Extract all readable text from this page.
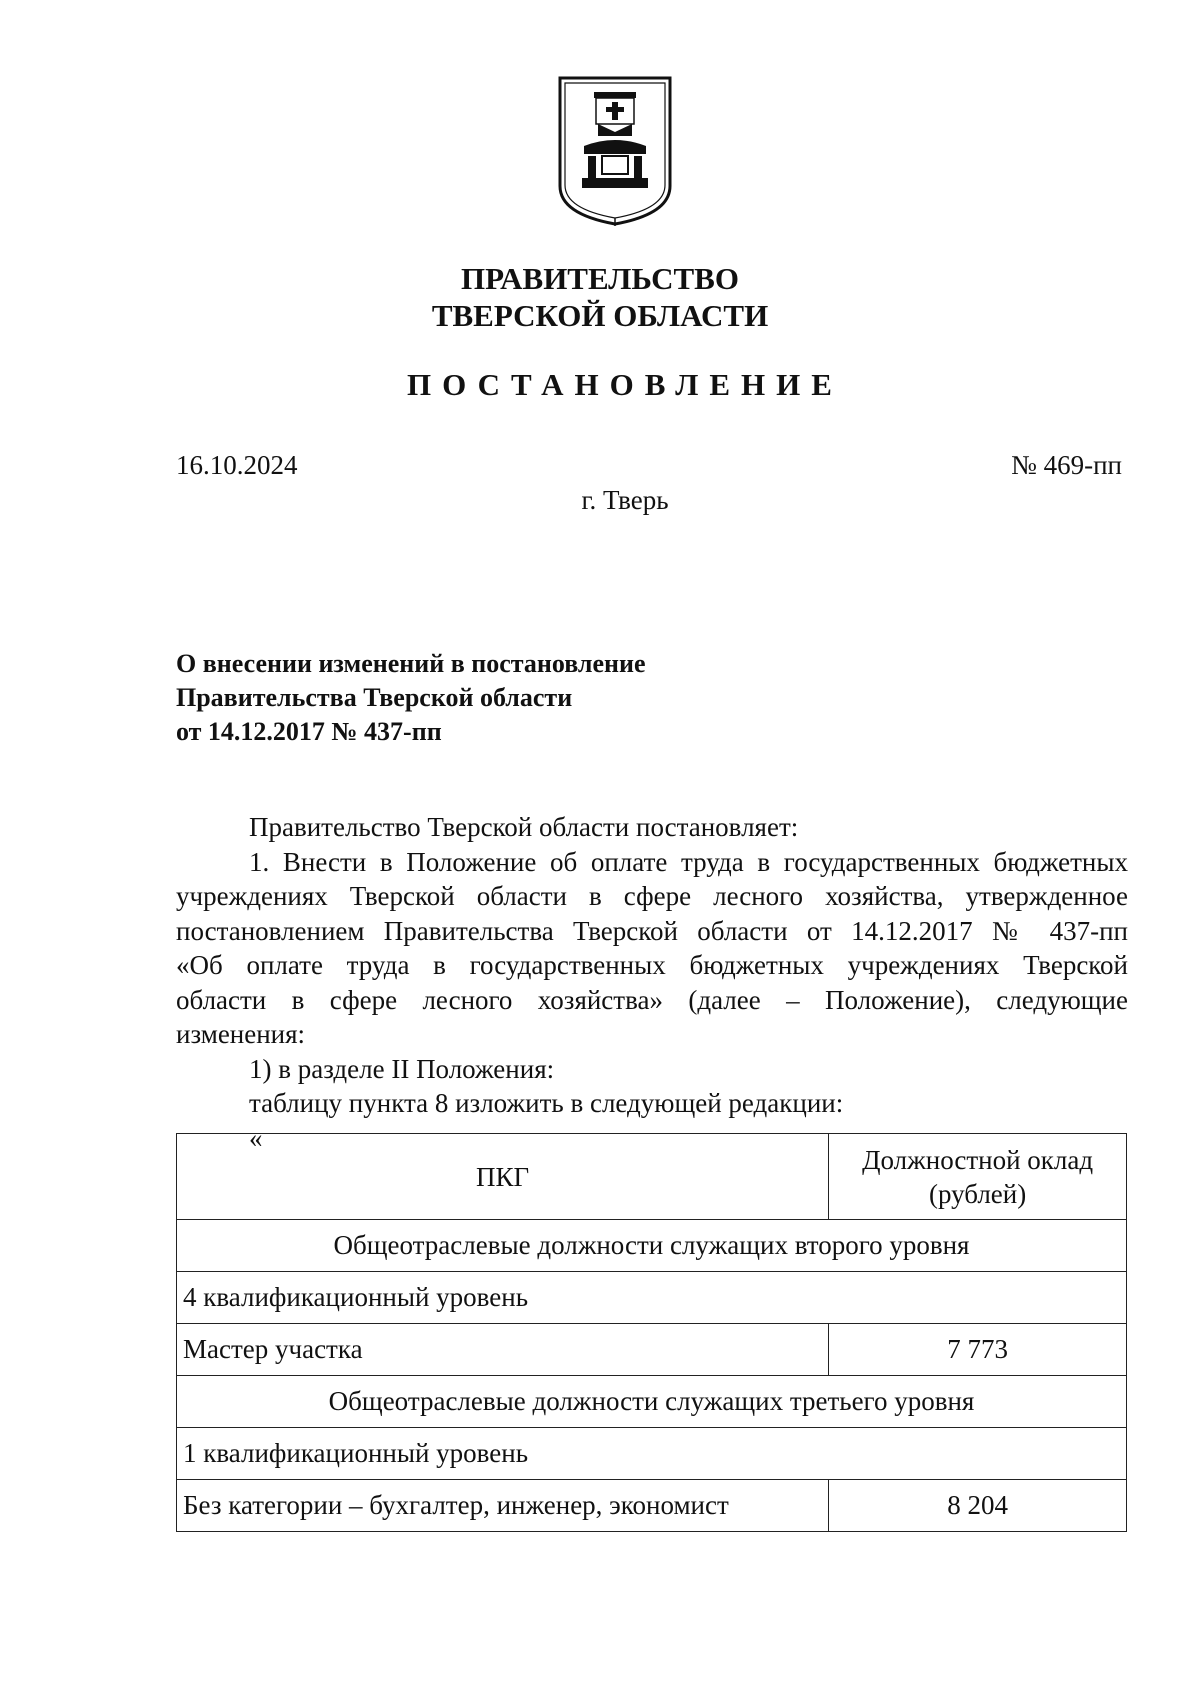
ПРАВИТЕЛЬСТВО
ТВЕРСКОЙ ОБЛАСТИ
ПОСТАНОВЛЕНИЕ
16.10.2024	№ 469-пп
г. Тверь
О внесении изменений в постановление
Правительства Тверской области
от 14.12.2017 № 437-пп

Правительство Тверской области постановляет:

1. Внести в Положение об оплате труда в государственных бюджетных

учреждениях Тверской области в сфере лесного хозяйства, утвержденное

постановлением Правительства Тверской области от 14.12.2017 № 437-пп

«Об оплате труда в государственных бюджетных учреждениях Тверской

области в сфере лесного хозяйства» (далее – Положение), следующие

изменения:

1) в разделе II Положения:

таблицу пункта 8 изложить в следующей редакции:

«

ПКГ	Должностной оклад (рублей)
Общеотраслевые должности служащих второго уровня	
4 квалификационный уровень	
Мастер участка	7 773
Общеотраслевые должности служащих третьего уровня	
1 квалификационный уровень	
Без категории – бухгалтер, инженер, экономист	8 204
